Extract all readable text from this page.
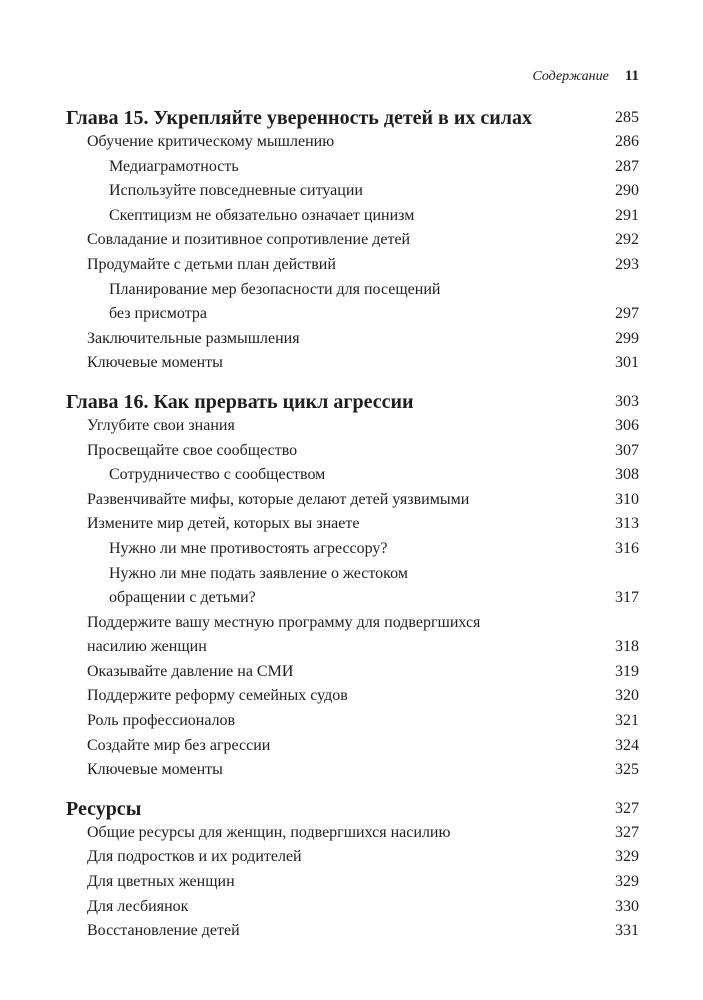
Содержание 11
Глава 15. Укрепляйте уверенность детей в их силах	285
Обучение критическому мышлению	286
Медиаграмотность	287
Используйте повседневные ситуации	290
Скептицизм не обязательно означает цинизм	291
Совладание и позитивное сопротивление детей	292
Продумайте с детьми план действий	293
Планирование мер безопасности для посещений
без присмотра	297
Заключительные размышления	299
Ключевые моменты	301
Глава 16. Как прервать цикл агрессии	303
Углубите свои знания	306
Просвещайте свое сообщество	307
Сотрудничество с сообществом	308
Развенчивайте мифы, которые делают детей уязвимыми	310
Измените мир детей, которых вы знаете	313
Нужно ли мне противостоять агрессору?	316
Нужно ли мне подать заявление о жестоком
обращении с детьми?	317
Поддержите вашу местную программу для подвергшихся
насилию женщин	318
Оказывайте давление на СМИ	319
Поддержите реформу семейных судов	320
Роль профессионалов	321
Создайте мир без агрессии	324
Ключевые моменты	325
Ресурсы	327
Общие ресурсы для женщин, подвергшихся насилию	327
Для подростков и их родителей	329
Для цветных женщин	329
Для лесбиянок	330
Восстановление детей	331
